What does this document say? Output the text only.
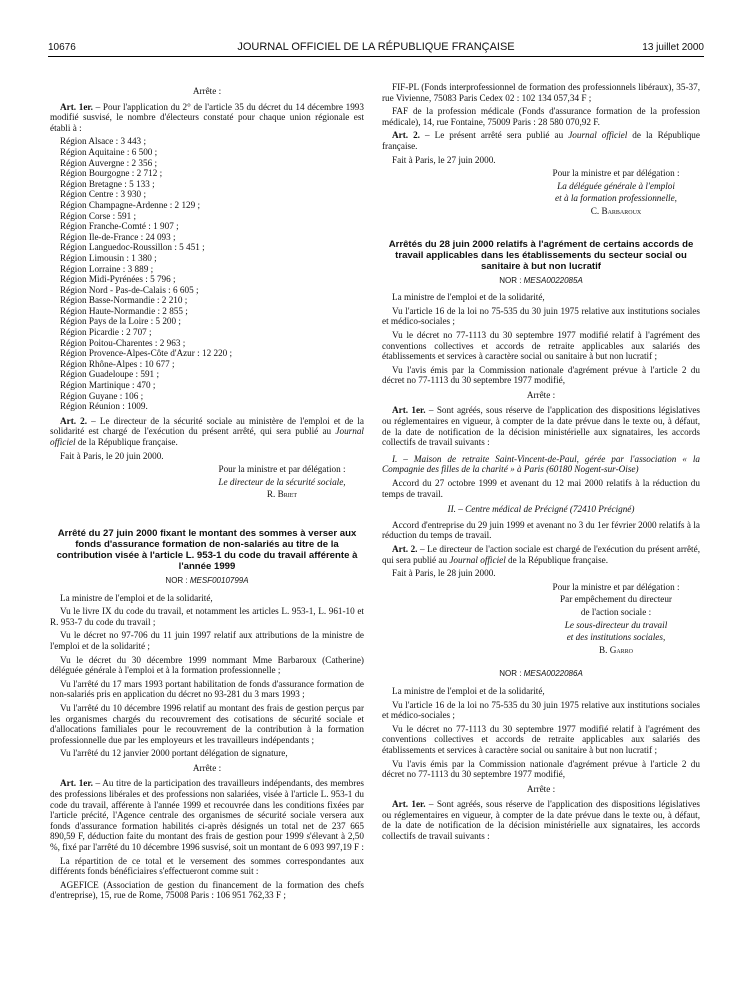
10676	JOURNAL OFFICIEL DE LA RÉPUBLIQUE FRANÇAISE	13 juillet 2000
Arrête :

Art. 1er. – Pour l'application du 2° de l'article 35 du décret du 14 décembre 1993 modifié susvisé, le nombre d'électeurs constaté pour chaque union régionale est établi à :

Région Alsace : 3 443 ;
Région Aquitaine : 6 500 ;
Région Auvergne : 2 356 ;
Région Bourgogne : 2 712 ;
Région Bretagne : 5 133 ;
Région Centre : 3 930 ;
Région Champagne-Ardenne : 2 129 ;
Région Corse : 591 ;
Région Franche-Comté : 1 907 ;
Région Ile-de-France : 24 093 ;
Région Languedoc-Roussillon : 5 451 ;
Région Limousin : 1 380 ;
Région Lorraine : 3 889 ;
Région Midi-Pyrénées : 5 796 ;
Région Nord - Pas-de-Calais : 6 605 ;
Région Basse-Normandie : 2 210 ;
Région Haute-Normandie : 2 855 ;
Région Pays de la Loire : 5 200 ;
Région Picardie : 2 707 ;
Région Poitou-Charentes : 2 963 ;
Région Provence-Alpes-Côte d'Azur : 12 220 ;
Région Rhône-Alpes : 10 677 ;
Région Guadeloupe : 591 ;
Région Martinique : 470 ;
Région Guyane : 106 ;
Région Réunion : 1009.

Art. 2. – Le directeur de la sécurité sociale au ministère de l'emploi et de la solidarité est chargé de l'exécution du présent arrêté, qui sera publié au Journal officiel de la République française.

Fait à Paris, le 20 juin 2000.

Pour la ministre et par délégation :
Le directeur de la sécurité sociale,
R. Briet
Arrêté du 27 juin 2000 fixant le montant des sommes à verser aux fonds d'assurance formation de non-salariés au titre de la contribution visée à l'article L. 953-1 du code du travail afférente à l'année 1999
NOR : MESF0010799A

La ministre de l'emploi et de la solidarité,

Vu le livre IX du code du travail, et notamment les articles L. 953-1, L. 961-10 et R. 953-7 du code du travail ;

Vu le décret no 97-706 du 11 juin 1997 relatif aux attributions de la ministre de l'emploi et de la solidarité ;

Vu le décret du 30 décembre 1999 nommant Mme Barbaroux (Catherine) déléguée générale à l'emploi et à la formation professionnelle ;

Vu l'arrêté du 17 mars 1993 portant habilitation de fonds d'assurance formation de non-salariés pris en application du décret no 93-281 du 3 mars 1993 ;

Vu l'arrêté du 10 décembre 1996 relatif au montant des frais de gestion perçus par les organismes chargés du recouvrement des cotisations de sécurité sociale et d'allocations familiales pour le recouvrement de la contribution à la formation professionnelle due par les employeurs et les travailleurs indépendants ;

Vu l'arrêté du 12 janvier 2000 portant délégation de signature,

Arrête :

Art. 1er. – Au titre de la participation des travailleurs indépendants, des membres des professions libérales et des professions non salariées, visée à l'article L. 953-1 du code du travail, afférente à l'année 1999 et recouvrée dans les conditions fixées par l'article précité, l'Agence centrale des organismes de sécurité sociale versera aux fonds d'assurance formation habilités ci-après désignés un total net de 237 665 890,59 F, déduction faite du montant des frais de gestion pour 1999 s'élevant à 2,50 %, fixé par l'arrêté du 10 décembre 1996 susvisé, soit un montant de 6 093 997,19 F :

La répartition de ce total et le versement des sommes correspondantes aux différents fonds bénéficiaires s'effectueront comme suit :

AGEFICE (Association de gestion du financement de la formation des chefs d'entreprise), 15, rue de Rome, 75008 Paris : 106 951 762,33 F ;

FIF-PL (Fonds interprofessionnel de formation des professionnels libéraux), 35-37, rue Vivienne, 75083 Paris Cedex 02 : 102 134 057,34 F ;

FAF de la profession médicale (Fonds d'assurance formation de la profession médicale), 14, rue Fontaine, 75009 Paris : 28 580 070,92 F.

Art. 2. – Le présent arrêté sera publié au Journal officiel de la République française.

Fait à Paris, le 27 juin 2000.

Pour la ministre et par délégation :
La déléguée générale à l'emploi
et à la formation professionnelle,
C. Barbaroux
Arrêtés du 28 juin 2000 relatifs à l'agrément de certains accords de travail applicables dans les établissements du secteur social ou sanitaire à but non lucratif
NOR : MESA0022085A

La ministre de l'emploi et de la solidarité,

Vu l'article 16 de la loi no 75-535 du 30 juin 1975 relative aux institutions sociales et médico-sociales ;

Vu le décret no 77-1113 du 30 septembre 1977 modifié relatif à l'agrément des conventions collectives et accords de retraite applicables aux salariés des établissements et services à caractère social ou sanitaire à but non lucratif ;

Vu l'avis émis par la Commission nationale d'agrément prévue à l'article 2 du décret no 77-1113 du 30 septembre 1977 modifié,

Arrête :

Art. 1er. – Sont agréés, sous réserve de l'application des dispositions législatives ou réglementaires en vigueur, à compter de la date prévue dans le texte ou, à défaut, de la date de notification de la décision ministérielle aux signataires, les accords collectifs de travail suivants :

I. – Maison de retraite Saint-Vincent-de-Paul, gérée par l'association « la Compagnie des filles de la charité » à Paris (60180 Nogent-sur-Oise)

Accord du 27 octobre 1999 et avenant du 12 mai 2000 relatifs à la réduction du temps de travail.

II. – Centre médical de Précigné (72410 Précigné)

Accord d'entreprise du 29 juin 1999 et avenant no 3 du 1er février 2000 relatifs à la réduction du temps de travail.

Art. 2. – Le directeur de l'action sociale est chargé de l'exécution du présent arrêté, qui sera publié au Journal officiel de la République française.

Fait à Paris, le 28 juin 2000.

Pour la ministre et par délégation :
Par empêchement du directeur
de l'action sociale :
Le sous-directeur du travail
et des institutions sociales,
B. Garro
NOR : MESA0022086A

La ministre de l'emploi et de la solidarité,

Vu l'article 16 de la loi no 75-535 du 30 juin 1975 relative aux institutions sociales et médico-sociales ;

Vu le décret no 77-1113 du 30 septembre 1977 modifié relatif à l'agrément des conventions collectives et accords de retraite applicables aux salariés des établissements et services à caractère social ou sanitaire à but non lucratif ;

Vu l'avis émis par la Commission nationale d'agrément prévue à l'article 2 du décret no 77-1113 du 30 septembre 1977 modifié,

Arrête :

Art. 1er. – Sont agréés, sous réserve de l'application des dispositions législatives ou réglementaires en vigueur, à compter de la date prévue dans le texte ou, à défaut, de la date de notification de la décision ministérielle aux signataires, les accords collectifs de travail suivants :
